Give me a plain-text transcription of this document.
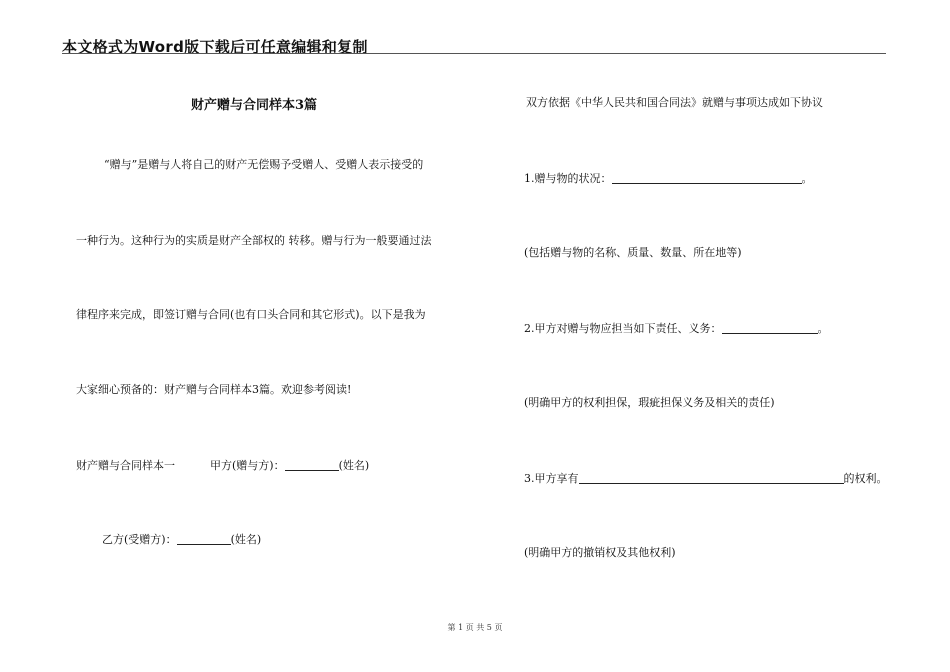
本文格式为Word版下载后可任意编辑和复制
财产赠与合同样本3篇
“赠与”是赠与人将自己的财产无偿赐予受赠人、受赠人表示接受的
一种行为。这种行为的实质是财产全部权的 转移。赠与行为一般要通过法
律程序来完成，即签订赠与合同(也有口头合同和其它形式)。以下是我为
大家细心预备的：财产赠与合同样本3篇。欢迎参考阅读!
财产赠与合同样本一	甲方(赠与方)：	(姓名)
乙方(受赠方)：	(姓名)
双方依据《中华人民共和国合同法》就赠与事项达成如下协议
1.赠与物的状况：	。
(包括赠与物的名称、质量、数量、所在地等)
2.甲方对赠与物应担当如下责任、义务：	。
(明确甲方的权利担保，瑕疵担保义务及相关的责任)
3.甲方享有	的权利。
(明确甲方的撤销权及其他权利)
第 1 页 共 5 页
